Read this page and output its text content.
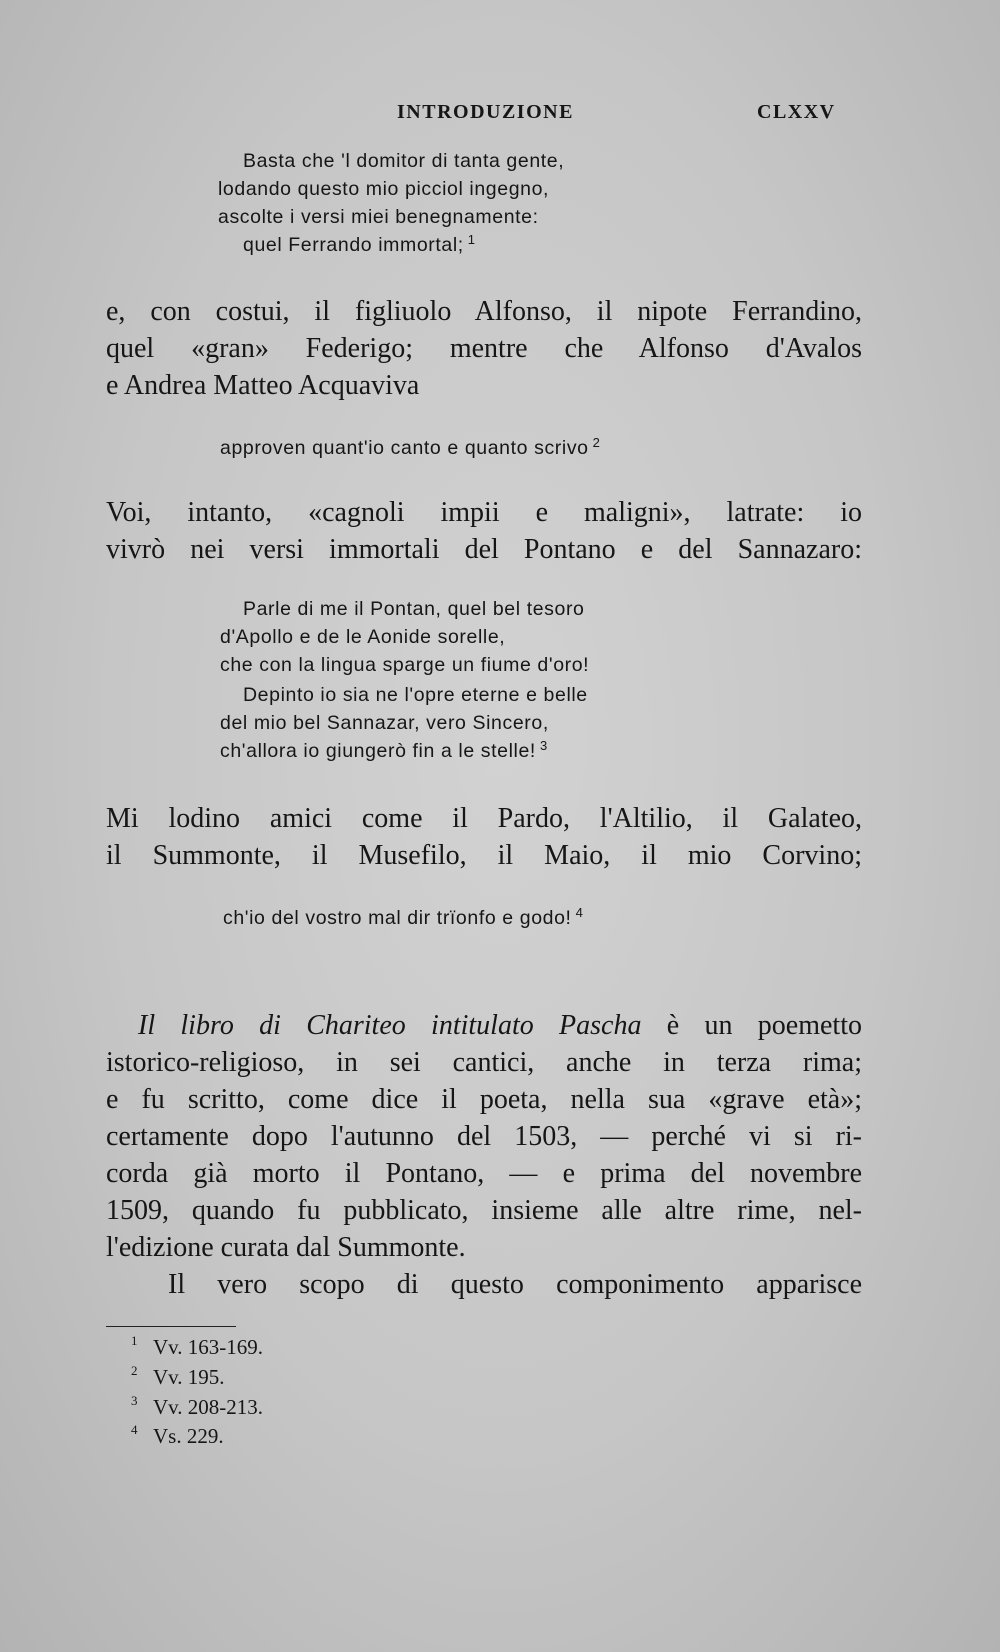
INTRODUZIONE	CLXXV
Basta che 'l domitor di tanta gente,
lodando questo mio picciol ingegno,
ascolte i versi miei benegnamente:
quel Ferrando immortal; $^1$
e, con costui, il figliuolo Alfonso, il nipote Ferrandino,
quel «gran» Federigo; mentre che Alfonso d'Avalos
e Andrea Matteo Acquaviva
approven quant'io canto e quanto scrivo $^2$
Voi, intanto, «cagnoli impii e maligni», latrate: io
vivrò nei versi immortali del Pontano e del Sannazaro:
Parle di me il Pontan, quel bel tesoro
d'Apollo e de le Aonide sorelle,
che con la lingua sparge un fiume d'oro!
Depinto io sia ne l'opre eterne e belle
del mio bel Sannazar, vero Sincero,
ch'allora io giungerò fin a le stelle! $^3$
Mi lodino amici come il Pardo, l'Altilio, il Galateo,
il Summonte, il Musefilo, il Maio, il mio Corvino;
ch'io del vostro mal dir trïonfo e godo! $^4$
Il libro di Chariteo intitulato Pascha è un poemetto
istorico-religioso, in sei cantici, anche in terza rima;
e fu scritto, come dice il poeta, nella sua «grave età»;
certamente dopo l'autunno del 1503, — perché vi si ri-
corda già morto il Pontano, — e prima del novembre
1509, quando fu pubblicato, insieme alle altre rime, nel-
l'edizione curata dal Summonte.
Il vero scopo di questo componimento apparisce
1 Vv. 163-169.
2 Vv. 195.
3 Vv. 208-213.
4 Vs. 229.
